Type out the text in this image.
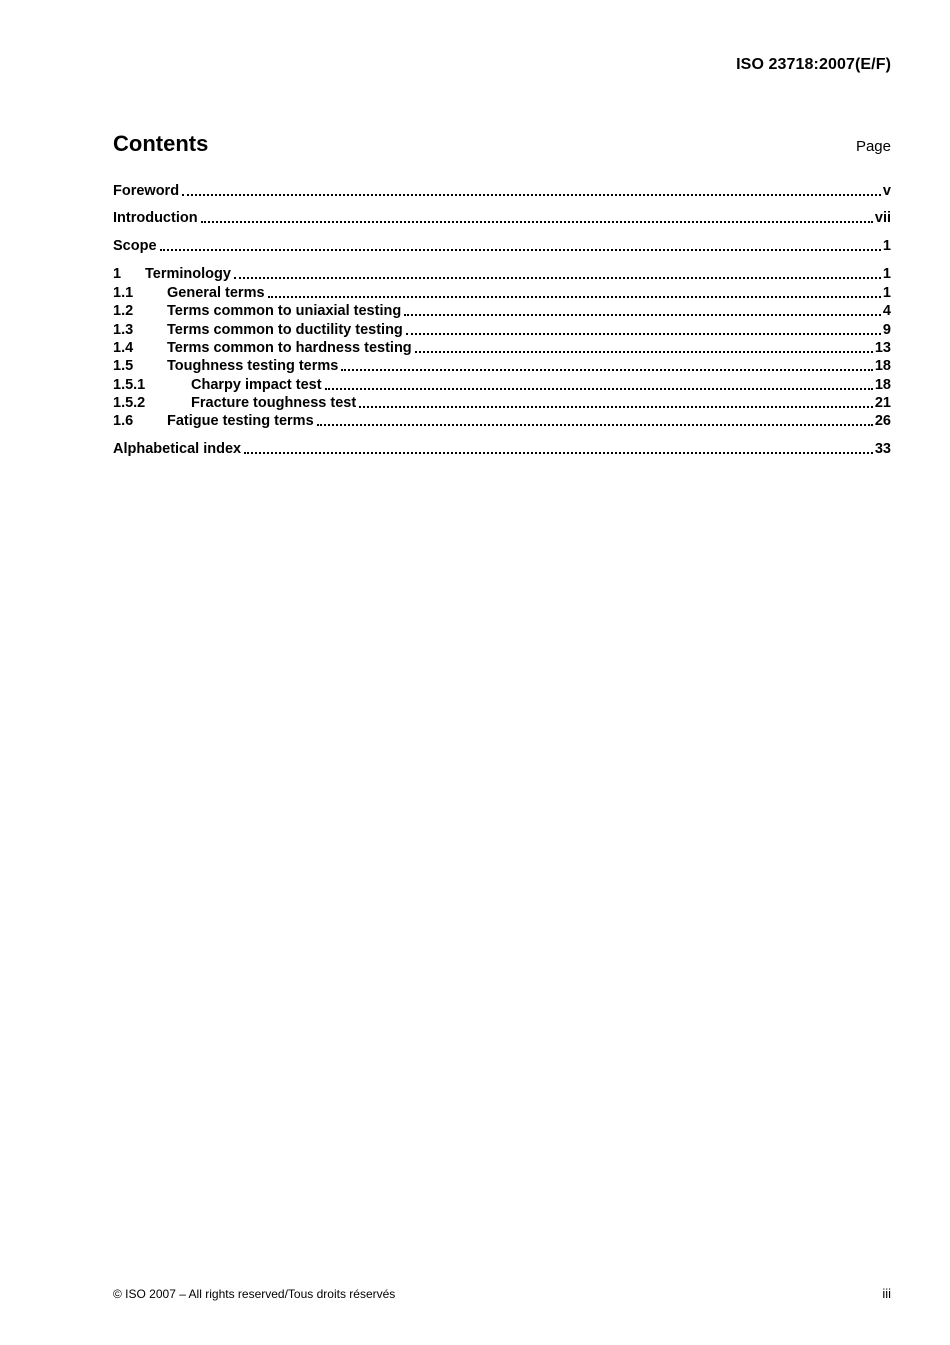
ISO 23718:2007(E/F)
Contents	Page
Foreword	v
Introduction	vii
Scope	1
1	Terminology	1
1.1	General terms	1
1.2	Terms common to uniaxial testing	4
1.3	Terms common to ductility testing	9
1.4	Terms common to hardness testing	13
1.5	Toughness testing terms	18
1.5.1	Charpy impact test	18
1.5.2	Fracture toughness test	21
1.6	Fatigue testing terms	26
Alphabetical index	33
© ISO 2007 – All rights reserved/Tous droits réservés	iii
